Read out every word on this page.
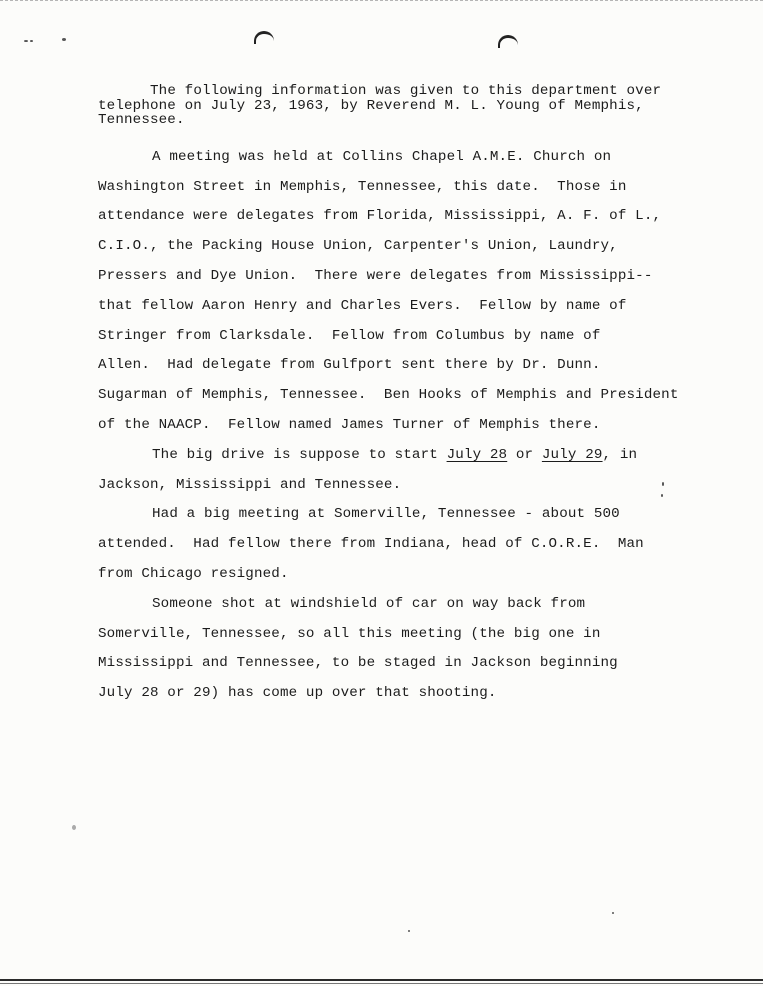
The following information was given to this department over
telephone on July 23, 1963, by Reverend M. L. Young of Memphis,
Tennessee.

A meeting was held at Collins Chapel A.M.E. Church on
Washington Street in Memphis, Tennessee, this date.  Those in
attendance were delegates from Florida, Mississippi, A. F. of L.,
C.I.O., the Packing House Union, Carpenter's Union, Laundry,
Pressers and Dye Union.  There were delegates from Mississippi--
that fellow Aaron Henry and Charles Evers.  Fellow by name of
Stringer from Clarksdale.  Fellow from Columbus by name of
Allen.  Had delegate from Gulfport sent there by Dr. Dunn.
Sugarman of Memphis, Tennessee.  Ben Hooks of Memphis and President
of the NAACP.  Fellow named James Turner of Memphis there.
The big drive is suppose to start July 28 or July 29, in
Jackson, Mississippi and Tennessee.
Had a big meeting at Somerville, Tennessee - about 500
attended.  Had fellow there from Indiana, head of C.O.R.E.  Man
from Chicago resigned.
Someone shot at windshield of car on way back from
Somerville, Tennessee, so all this meeting (the big one in
Mississippi and Tennessee, to be staged in Jackson beginning
July 28 or 29) has come up over that shooting.
